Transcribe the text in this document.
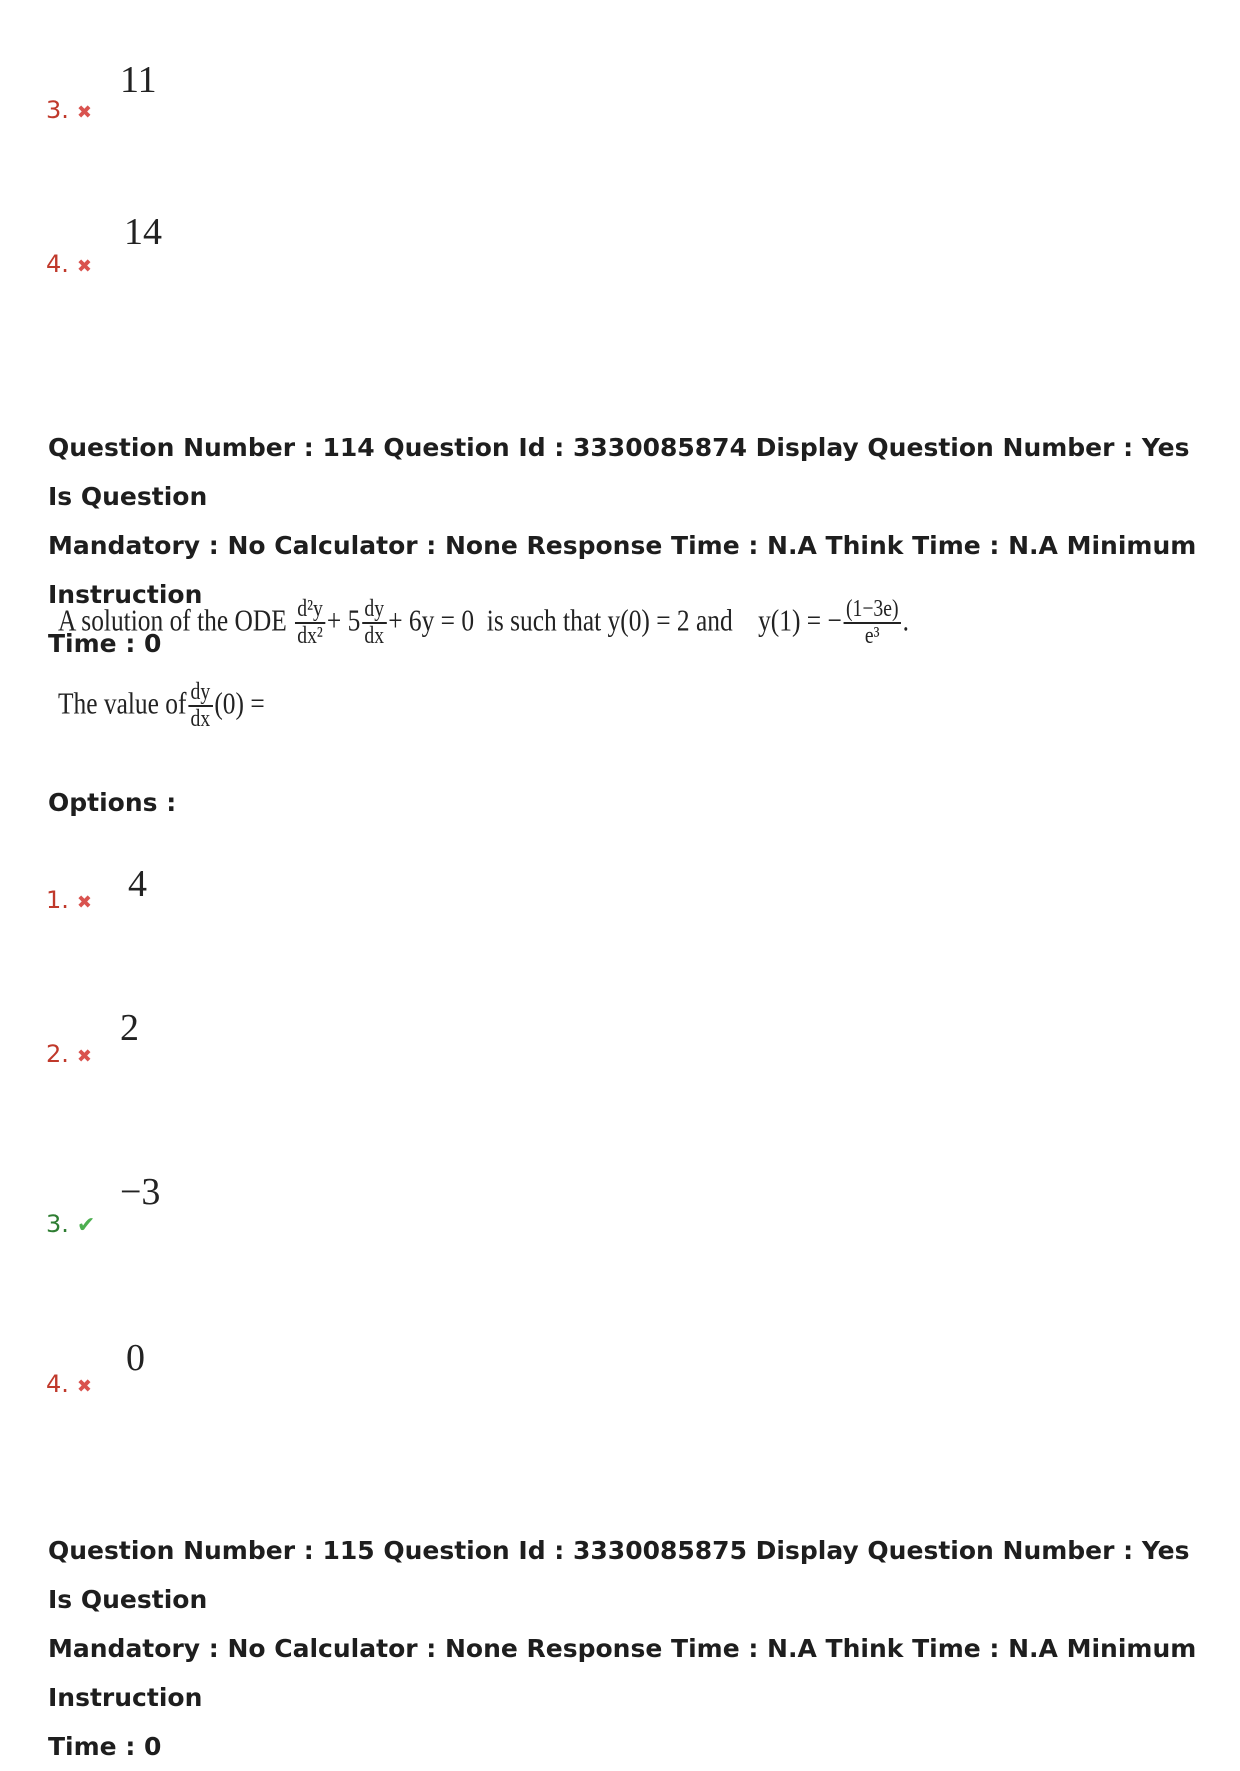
11
3. ✖
14
4. ✖
Question Number : 114 Question Id : 3330085874 Display Question Number : Yes Is Question
Mandatory : No Calculator : None Response Time : N.A Think Time : N.A Minimum Instruction
Time : 0
A solution of the ODE $\frac{\text{d²y}}{\text{dx²}} + 5 \frac{dy}{dx} + 6y = 0$ is such that y(0) = 2 and y(1) = − $\frac{(1-3e)}{\text{e³}}$ .
The value of $\frac{dy}{dx} (0)$ =
Options :
4
1. ✖
2
2. ✖
−3
3. ✔
0
4. ✖
Question Number : 115 Question Id : 3330085875 Display Question Number : Yes Is Question
Mandatory : No Calculator : None Response Time : N.A Think Time : N.A Minimum Instruction
Time : 0
